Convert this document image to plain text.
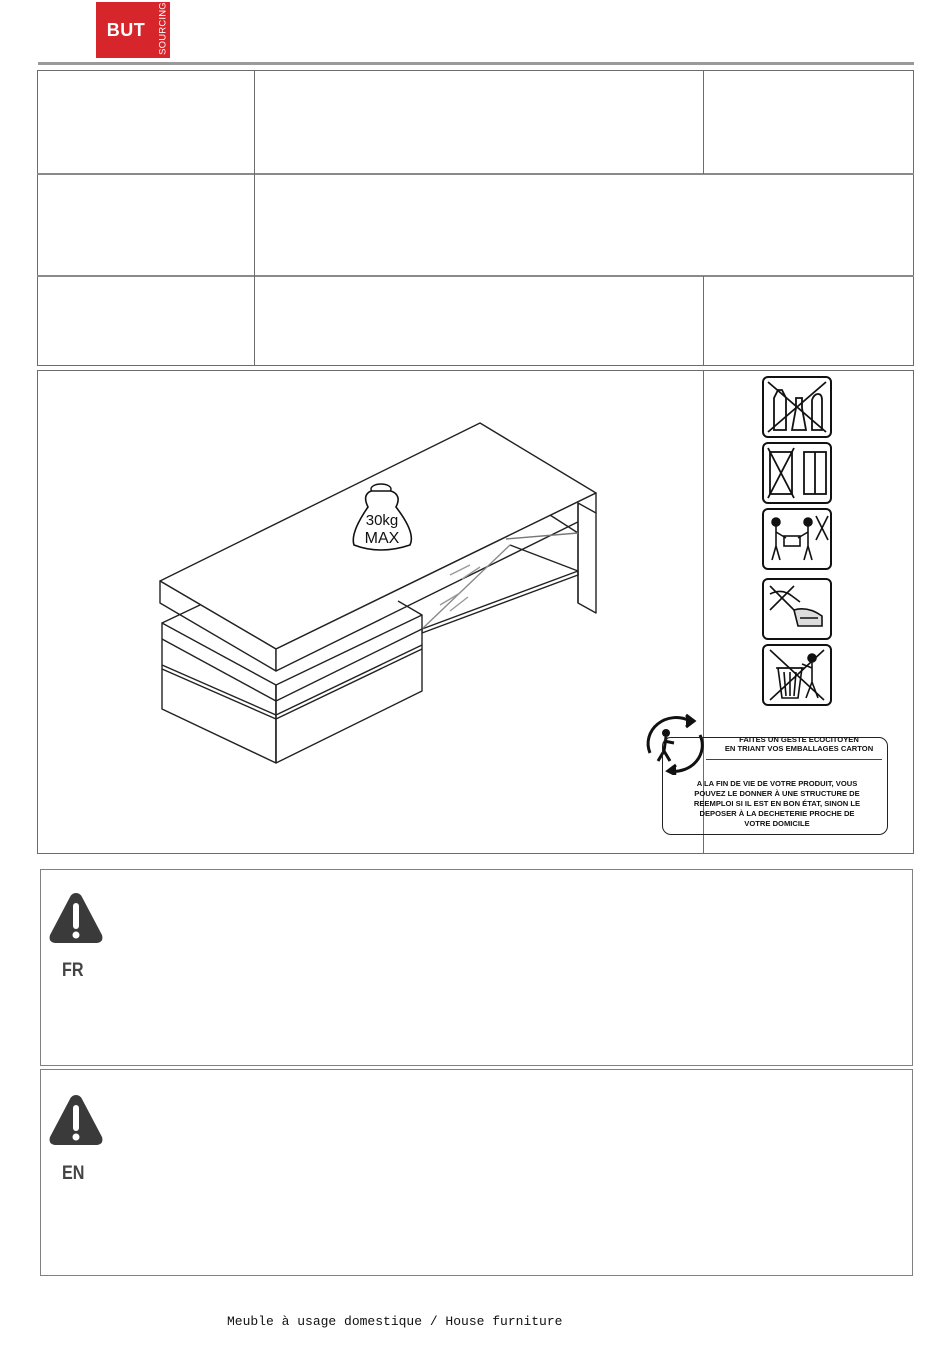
BUT	SOURCING
30kg
MAX
FAITES UN GESTE ECOCITOYEN
EN TRIANT VOS EMBALLAGES CARTON
A LA FIN DE VIE DE VOTRE PRODUIT, VOUS
POUVEZ LE DONNER À UNE STRUCTURE DE
REEMPLOI SI IL EST EN BON ÉTAT, SINON LE
DEPOSER À LA DECHETERIE PROCHE DE
VOTRE DOMICILE
FR
EN
Meuble à usage domestique / House furniture
